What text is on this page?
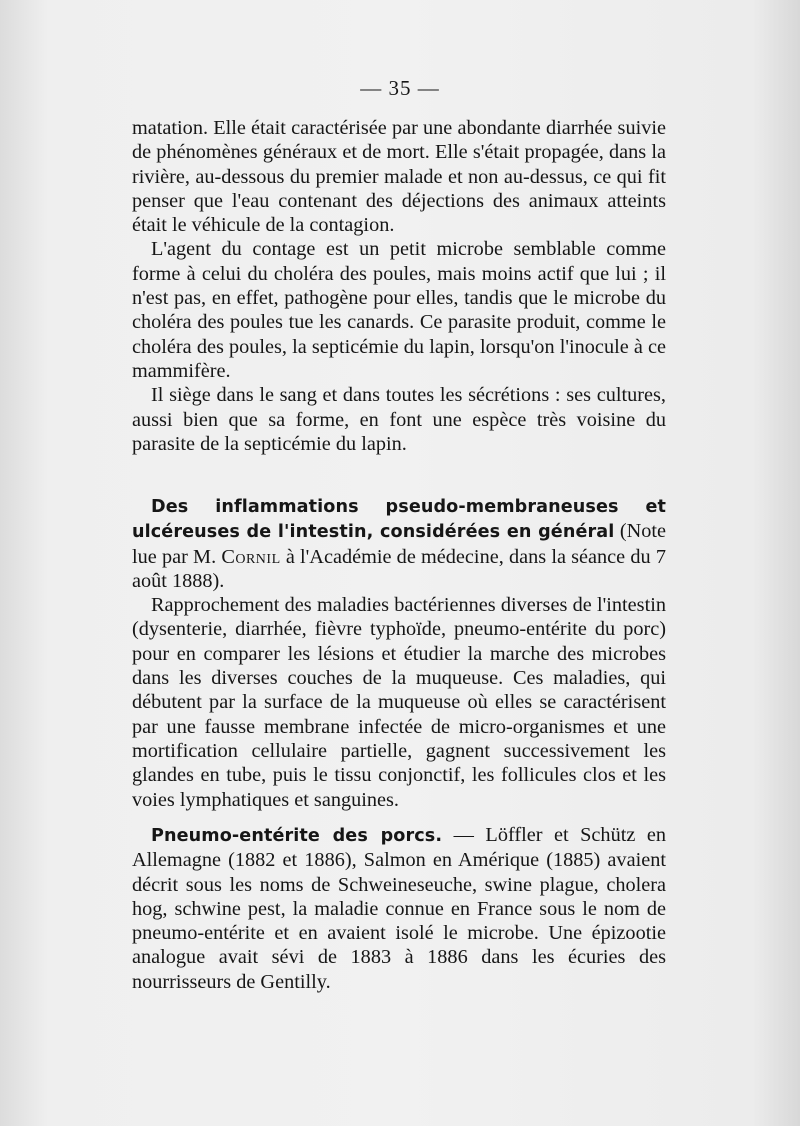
— 35 —

matation. Elle était caractérisée par une abondante diarrhée suivie de phénomènes généraux et de mort. Elle s'était propagée, dans la rivière, au-dessous du premier malade et non au-dessus, ce qui fit penser que l'eau contenant des déjections des animaux atteints était le véhicule de la contagion.

L'agent du contage est un petit microbe semblable comme forme à celui du choléra des poules, mais moins actif que lui ; il n'est pas, en effet, pathogène pour elles, tandis que le microbe du choléra des poules tue les canards. Ce parasite produit, comme le choléra des poules, la septicémie du lapin, lorsqu'on l'inocule à ce mammifère.

Il siège dans le sang et dans toutes les sécrétions : ses cultures, aussi bien que sa forme, en font une espèce très voisine du parasite de la septicémie du lapin.

Des inflammations pseudo-membraneuses et ulcéreuses de l'intestin, considérées en général (Note lue par M. Cornil à l'Académie de médecine, dans la séance du 7 août 1888).

Rapprochement des maladies bactériennes diverses de l'intestin (dysenterie, diarrhée, fièvre typhoïde, pneumo-entérite du porc) pour en comparer les lésions et étudier la marche des microbes dans les diverses couches de la muqueuse. Ces maladies, qui débutent par la surface de la muqueuse où elles se caractérisent par une fausse membrane infectée de micro-organismes et une mortification cellulaire partielle, gagnent successivement les glandes en tube, puis le tissu conjonctif, les follicules clos et les voies lymphatiques et sanguines.

Pneumo-entérite des porcs. — Löffler et Schütz en Allemagne (1882 et 1886), Salmon en Amérique (1885) avaient décrit sous les noms de Schweineseuche, swine plague, cholera hog, schwine pest, la maladie connue en France sous le nom de pneumo-entérite et en avaient isolé le microbe. Une épizootie analogue avait sévi de 1883 à 1886 dans les écuries des nourrisseurs de Gentilly.
